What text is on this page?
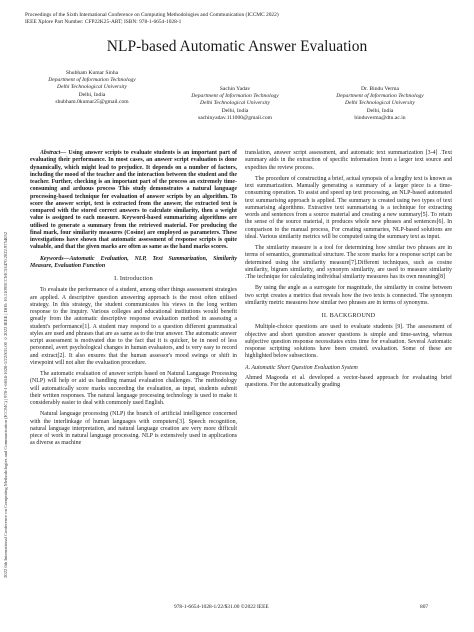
Proceedings of the Sixth International Conference on Computing Methodologies and Communication (ICCMC 2022)
IEEE Xplore Part Number: CFP22K25-ART; ISBN: 978-1-6654-1028-1
2022 6th International Conference on Computing Methodologies and Communication (ICCMC) | 978-1-6654-1028-1/22/$31.00 ©2022 IEEE | DOI: 10.1109/ICCMC53470.2022.9754052
NLP-based Automatic Answer Evaluation
Shubham Kumar Sinha
Department of Information Technology
Delhi Technological University
Delhi, India
shubham.0kumar25@gmail.com
Sachin Yadav
Department of Information Technology
Delhi Technological University
Delhi, India
sachinyadav.111000@gmail.com
Dr. Bindu Verma
Department of Information Technology
Delhi Technological University
Delhi, India
binduverma@dtu.ac.in

Abstract— Using answer scripts to evaluate students is an important part of evaluating their performance. In most cases, an answer script evaluation is done dynamically, which might lead to prejudice. It depends on a number of factors, including the mood of the teacher and the interaction between the student and the teacher. Further, checking is an important part of the process an extremely time-consuming and arduous process This study demonstrates a natural language processing-based technique for evaluation of answer scripts by an algorithm. To score the answer script, text is extracted from the answer, the extracted text is compared with the stored correct answers to calculate similarity, then a weight value is assigned to each measure. Keyword-based summarizing algorithms are utilised to generate a summary from the retrieved material. For producing the final mark, four similarity measures (Cosine) are employed as parameters. These investigations have shown that automatic assessment of response scripts is quite valuable, and that the given marks are often as same as the hand marks scores.

Keywords—Automatic Evaluation, NLP, Text Summarization, Similarity Measure, Evaluation Function

I. Introduction

To evaluate the performance of a student, among other things assessment strategies are applied. A descriptive question answering approach is the most often utilised strategy. In this strategy, the student communicates his views in the long written response to the inquiry. Various colleges and educational institutions would benefit greatly from the automatic descriptive response evaluation method in assessing a student's performance[1]. A student may respond to a question different grammatical styles are used and phrases that are as same as to the true answer. The automatic answer script assessment is motivated due to the fact that it is quicker, be in need of less personnel, avert psychological changes in human evaluators, and is very easy to record and extract[2]. It also ensures that the human assessor's mood swings or shift in viewpoint will not alter the evaluation procedure.

The automatic evaluation of answer scripts based on Natural Language Processing (NLP) will help or aid us handling manual evaluation challenges. The methodology will automatically score marks succeeding the evaluation, as input, students submit their written responses. The natural language processing technology is used to make it considerably easier to deal with commonly used English.

Natural language processing (NLP) the branch of artificial intelligence concerned with the interlinkage of human languages with computers[3]. Speech recognition, natural language interpretation, and natural language creation are very more difficult piece of work in natural language processing. NLP is extensively used in applications as diverse as machine

translation, answer script assessment, and automatic text summarization [3-4] .Text summary aids in the extraction of specific information from a larger text source and expedites the review process.

The procedure of constructing a brief, actual synopsis of a lengthy text is known as text summarization. Manually generating a summary of a larger piece is a time-consuming operation. To assist and speed up text processing, an NLP-based automated text summarising approach is applied. The summary is created using two types of text summarising algorithms. Extractive text summarising is a technique for extracting words and sentences from a source material and creating a new summary[5]. To retain the sense of the source material, it produces whole new phrases and sentences[6]. In comparison to the manual process, For creating summaries, NLP-based solutions are ideal. Various similarity metrics will be computed using the summary text as input.

The similarity measure is a tool for determining how similar two phrases are in terms of semantics, grammatical structure. The score marks for a response script can be determined using the similarity measure[7].Different techniques, such as cosine similarity, bigram similarity, and synonym similarity, are used to measure similarity .The technique for calculating individual similarity measures has its own meaning[8]

By using the angle as a surrogate for magnitude, the similarity in cosine between two script creates a metrics that reveals how the two texts is connected. The synonym similarity metric measures how similar two phrases are in terms of synonyms.

II. BACKGROUND

Multiple-choice questions are used to evaluate students [9]. The assessment of objective and short question answer questions is simple and time-saving, whereas subjective question response necessitates extra time for evaluation. Several Automatic response scripting solutions have been created. evaluation. Some of these are highlighted below subsections.

A. Automatic Short Question Evaluation System

Ahmed Magooda et al. developed a vector-based approach for evaluating brief questions. For the automatically grading

978-1-6654-1028-1/22/$31.00 ©2022 IEEE	807
